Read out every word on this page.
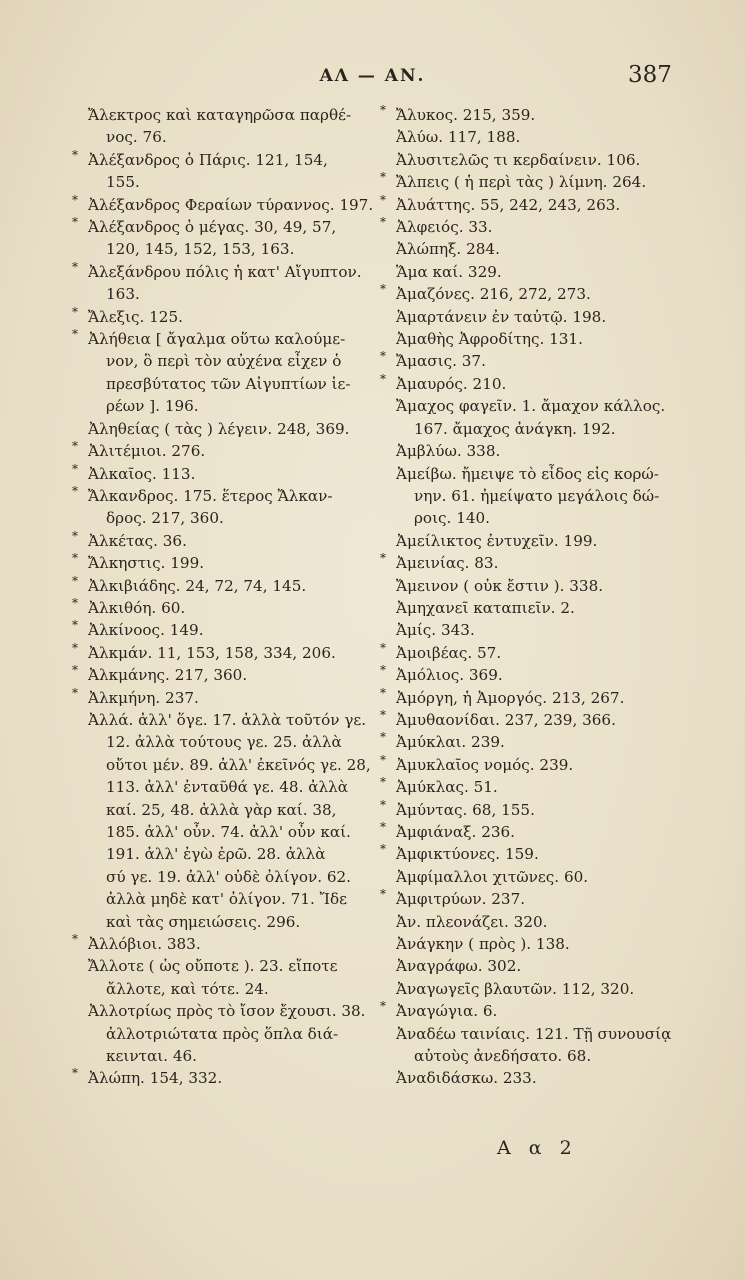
ΑΛ — ΑΝ.	387
Ἄλεκτρος καὶ καταγηρῶσα παρθέ-
νος. 76.
* Ἀλέξανδρος ὁ Πάρις. 121, 154,
155.
* Ἀλέξανδρος Φεραίων τύραννος. 197.
* Ἀλέξανδρος ὁ μέγας. 30, 49, 57,
120, 145, 152, 153, 163.
* Ἀλεξάνδρου πόλις ἡ κατ' Αἴγυπτον.
163.
* Ἄλεξις. 125.
* Ἀλήθεια [ ἄγαλμα οὕτω καλούμε-
νον, ὃ περὶ τὸν αὐχένα εἶχεν ὁ
πρεσβύτατος τῶν Αἰγυπτίων ἱε-
ρέων ]. 196.
Ἀληθείας ( τὰς ) λέγειν. 248, 369.
* Ἀλιτέμιοι. 276.
* Ἀλκαῖος. 113.
* Ἄλκανδρος. 175. ἕτερος Ἄλκαν-
δρος. 217, 360.
* Ἀλκέτας. 36.
* Ἄλκηστις. 199.
* Ἀλκιβιάδης. 24, 72, 74, 145.
* Ἀλκιθόη. 60.
* Ἀλκίνοος. 149.
* Ἀλκμάν. 11, 153, 158, 334, 206.
* Ἀλκμάνης. 217, 360.
* Ἀλκμήνη. 237.
Ἀλλά. ἀλλ' ὅγε. 17. ἀλλὰ τοῦτόν γε.
12. ἀλλὰ τούτους γε. 25. ἀλλὰ
οὔτοι μέν. 89. ἀλλ' ἐκεῖνός γε. 28,
113. ἀλλ' ἐνταῦθά γε. 48. ἀλλὰ
καί. 25, 48. ἀλλὰ γὰρ καί. 38,
185. ἀλλ' οὖν. 74. ἀλλ' οὖν καί.
191. ἀλλ' ἐγὼ ἐρῶ. 28. ἀλλὰ
σύ γε. 19. ἀλλ' οὐδὲ ὀλίγον. 62.
ἀλλὰ μηδὲ κατ' ὀλίγον. 71. Ἴδε
καὶ τὰς σημειώσεις. 296.
* Ἀλλόβιοι. 383.
Ἄλλοτε ( ὡς οὔποτε ). 23. εἴποτε
ἄλλοτε, καὶ τότε. 24.
Ἀλλοτρίως πρὸς τὸ ἴσον ἔχουσι. 38.
ἀλλοτριώτατα πρὸς ὅπλα διά-
κεινται. 46.
* Ἀλώπη. 154, 332.
* Ἄλυκος. 215, 359.
Ἀλύω. 117, 188.
Ἀλυσιτελῶς τι κερδαίνειν. 106.
* Ἄλπεις ( ἡ περὶ τὰς ) λίμνη. 264.
* Ἀλυάττης. 55, 242, 243, 263.
* Ἀλφειός. 33.
Ἀλώπηξ. 284.
Ἅμα καί. 329.
* Ἀμαζόνες. 216, 272, 273.
Ἁμαρτάνειν ἐν ταὐτῷ. 198.
Ἀμαθὴς Ἀφροδίτης. 131.
* Ἄμασις. 37.
* Ἀμαυρός. 210.
Ἄμαχος φαγεῖν. 1. ἄμαχον κάλλος.
167. ἄμαχος ἀνάγκη. 192.
Ἀμβλύω. 338.
Ἀμείβω. ἤμειψε τὸ εἶδος εἰς κορώ-
νην. 61. ἠμείψατο μεγάλοις δώ-
ροις. 140.
Ἀμείλικτος ἐντυχεῖν. 199.
* Ἀμεινίας. 83.
Ἄμεινον ( οὐκ ἔστιν ). 338.
Ἀμηχανεῖ καταπιεῖν. 2.
Ἀμίς. 343.
* Ἀμοιβέας. 57.
* Ἀμόλιος. 369.
* Ἀμόργη, ἡ Ἀμοργός. 213, 267.
* Ἀμυθαονίδαι. 237, 239, 366.
* Ἀμύκλαι. 239.
* Ἀμυκλαῖος νομός. 239.
* Ἀμύκλας. 51.
* Ἀμύντας. 68, 155.
* Ἀμφιάναξ. 236.
* Ἀμφικτύονες. 159.
Ἀμφίμαλλοι χιτῶνες. 60.
* Ἀμφιτρύων. 237.
Ἀν. πλεονάζει. 320.
Ἀνάγκην ( πρὸς ). 138.
Ἀναγράφω. 302.
Ἀναγωγεῖς βλαυτῶν. 112, 320.
* Ἀναγώγια. 6.
Ἀναδέω ταινίαις. 121. Τῇ συνουσίᾳ
αὐτοὺς ἀνεδήσατο. 68.
Ἀναδιδάσκω. 233.
Α α 2
